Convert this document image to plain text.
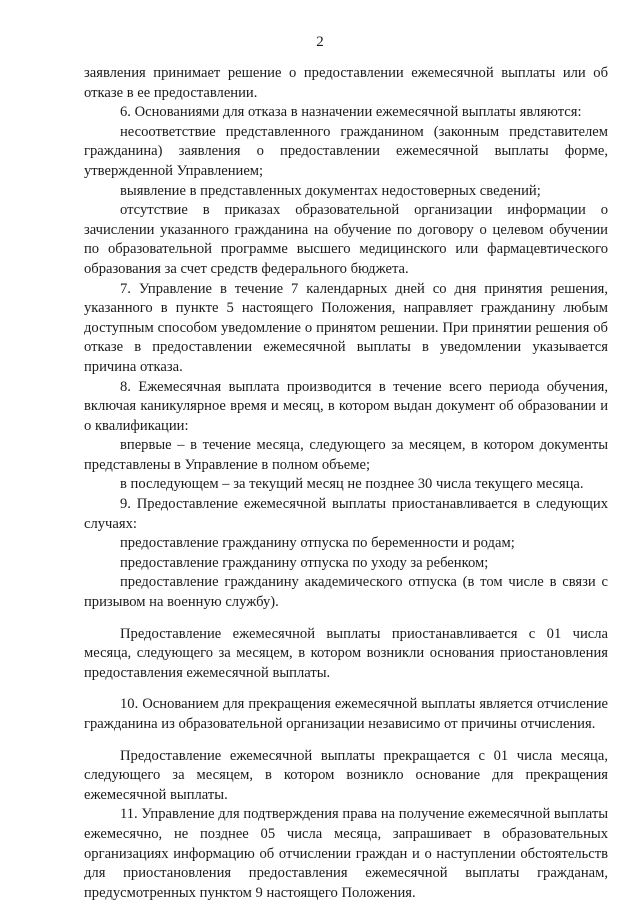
2

заявления принимает решение о предоставлении ежемесячной выплаты или об отказе в ее предоставлении.

6. Основаниями для отказа в назначении ежемесячной выплаты являются:

несоответствие представленного гражданином (законным представителем гражданина) заявления о предоставлении ежемесячной выплаты форме, утвержденной Управлением;

выявление в представленных документах недостоверных сведений;

отсутствие в приказах образовательной организации информации о зачислении указанного гражданина на обучение по договору о целевом обучении по образовательной программе высшего медицинского или фармацевтического образования за счет средств федерального бюджета.

7. Управление в течение 7 календарных дней со дня принятия решения, указанного в пункте 5 настоящего Положения, направляет гражданину любым доступным способом уведомление о принятом решении. При принятии решения об отказе в предоставлении ежемесячной выплаты в уведомлении указывается причина отказа.

8. Ежемесячная выплата производится в течение всего периода обучения, включая каникулярное время и месяц, в котором выдан документ об образовании и о квалификации:

впервые – в течение месяца, следующего за месяцем, в котором документы представлены в Управление в полном объеме;

в последующем – за текущий месяц не позднее 30 числа текущего месяца.

9. Предоставление ежемесячной выплаты приостанавливается в следующих случаях:

предоставление гражданину отпуска по беременности и родам;

предоставление гражданину отпуска по уходу за ребенком;

предоставление гражданину академического отпуска (в том числе в связи с призывом на военную службу).

Предоставление ежемесячной выплаты приостанавливается с 01 числа месяца, следующего за месяцем, в котором возникли основания приостановления предоставления ежемесячной выплаты.

10. Основанием для прекращения ежемесячной выплаты является отчисление гражданина из образовательной организации независимо от причины отчисления.

Предоставление ежемесячной выплаты прекращается с 01 числа месяца, следующего за месяцем, в котором возникло основание для прекращения ежемесячной выплаты.

11. Управление для подтверждения права на получение ежемесячной выплаты ежемесячно, не позднее 05 числа месяца, запрашивает в образовательных организациях информацию об отчислении граждан и о наступлении обстоятельств для приостановления предоставления ежемесячной выплаты гражданам, предусмотренных пунктом 9 настоящего Положения.
